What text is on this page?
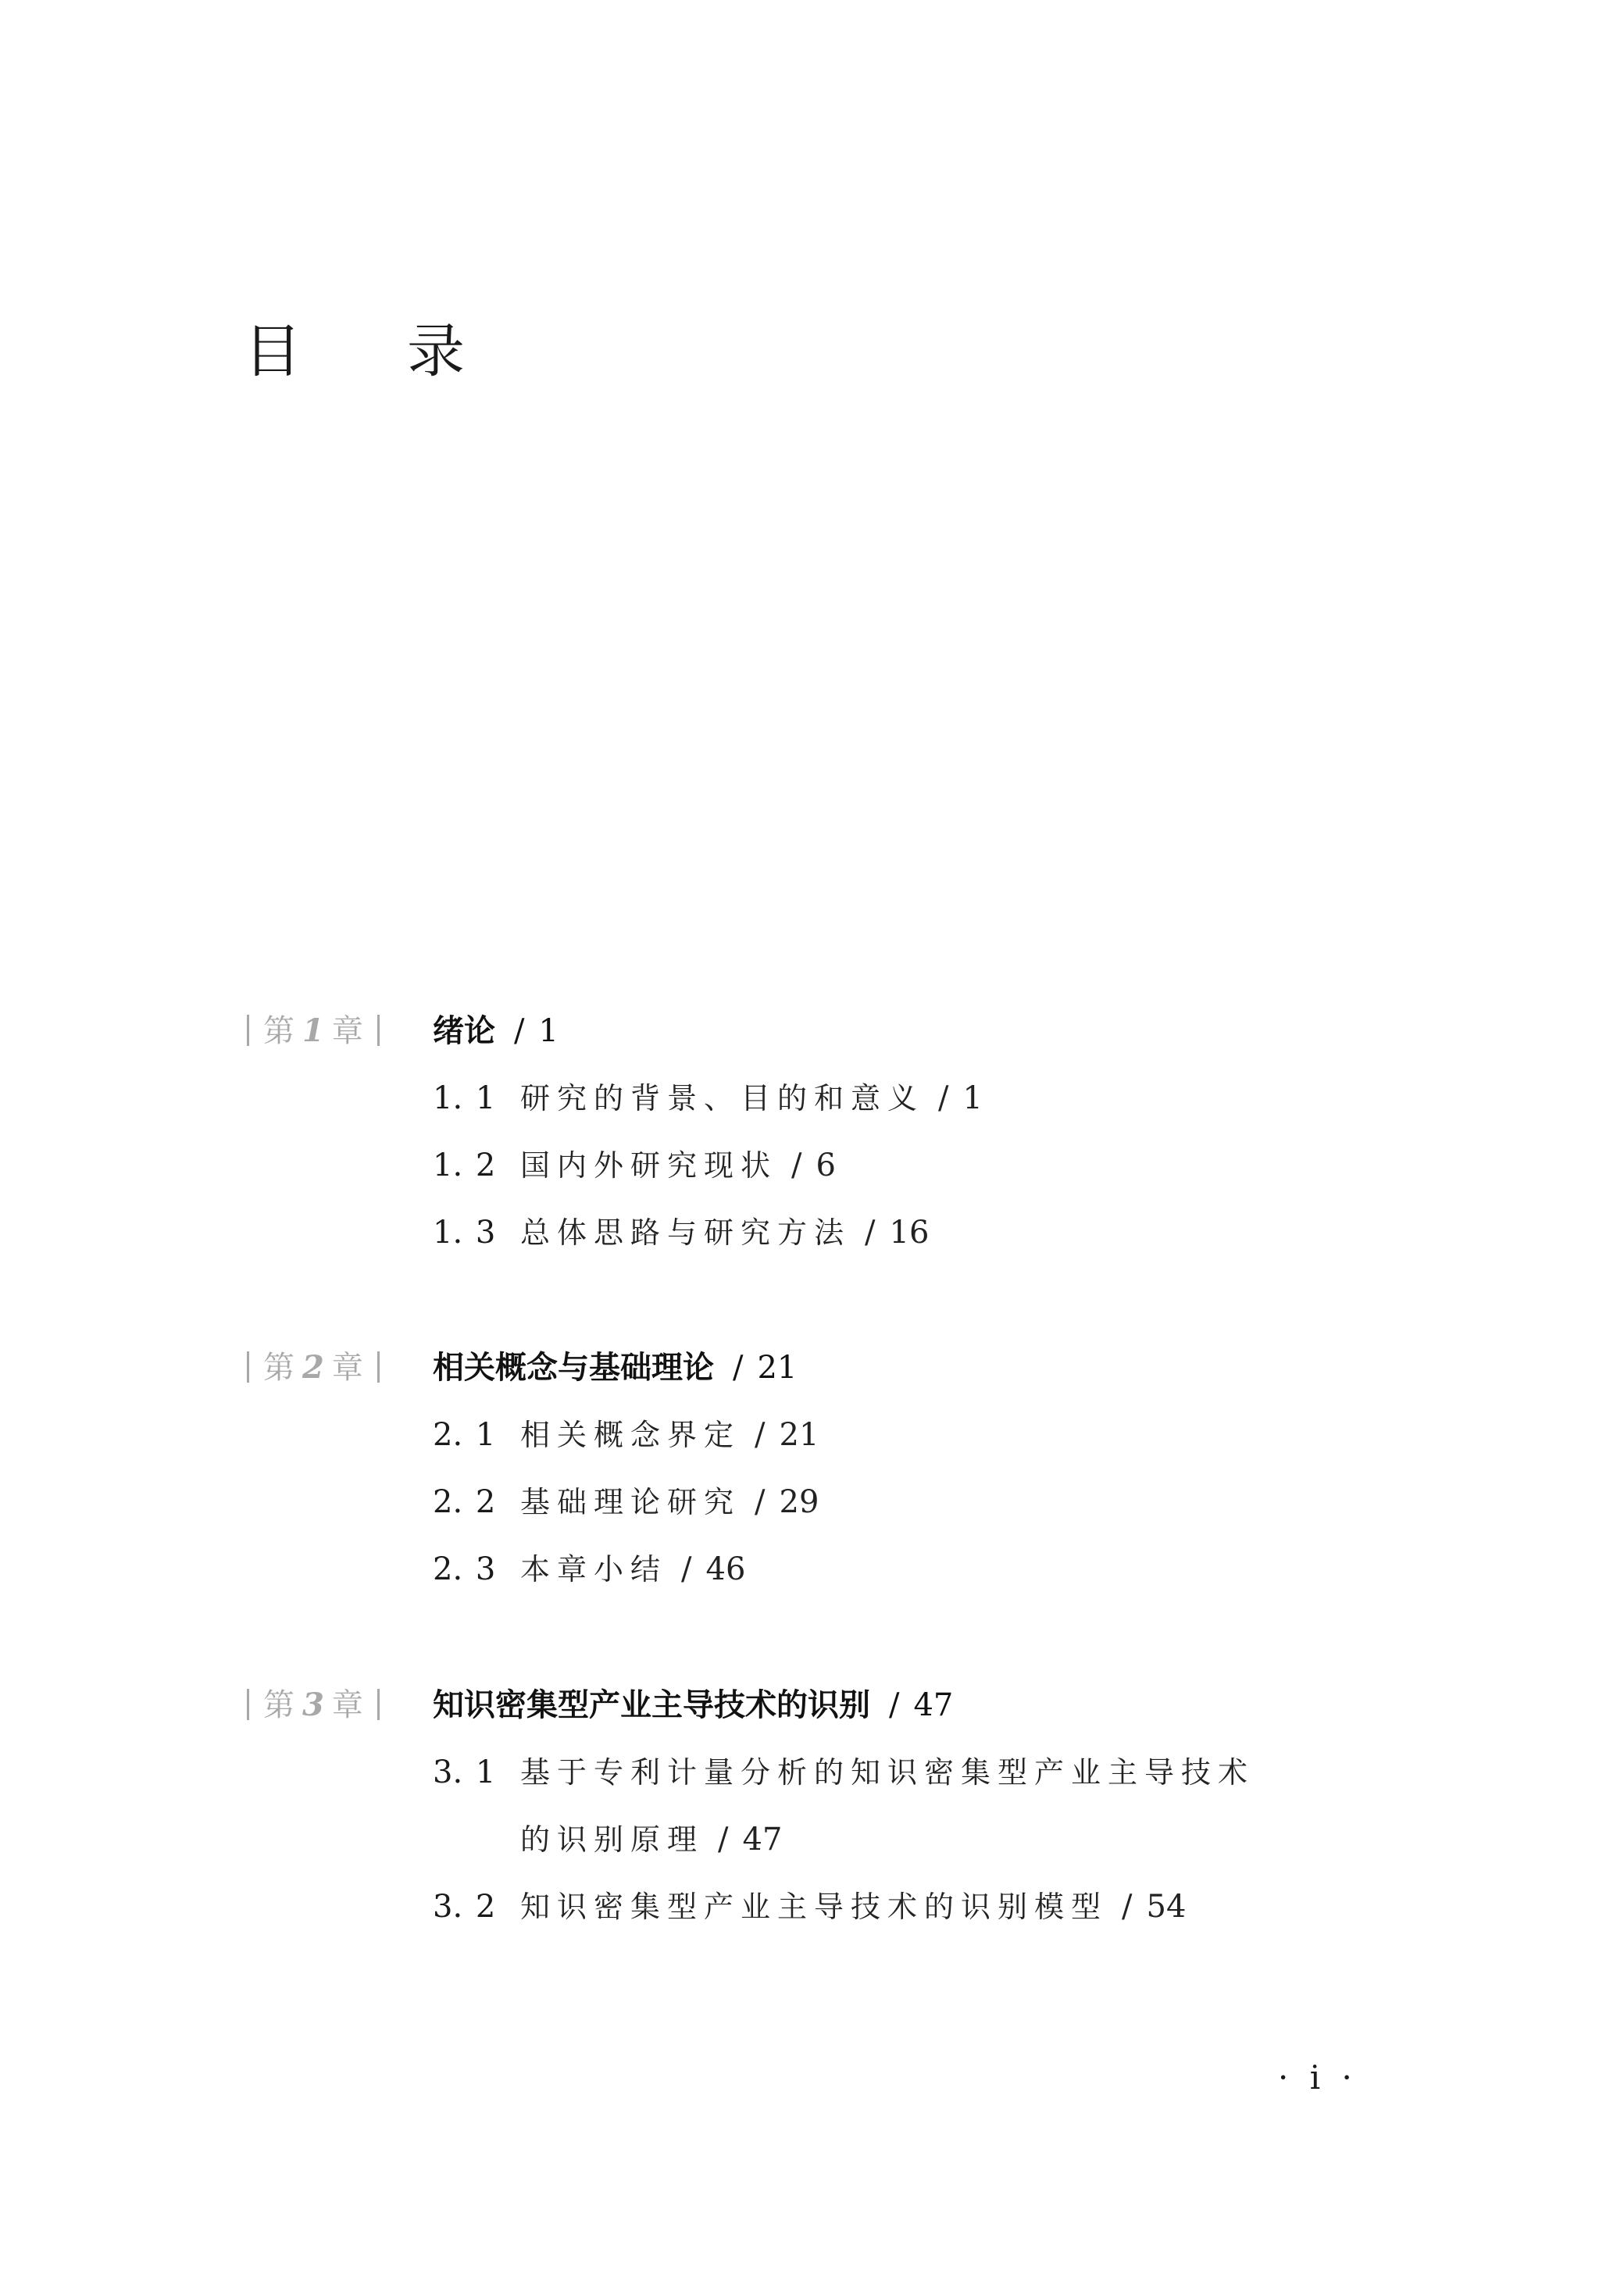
目录
第 1 章	绪论 / 1
1. 1 研究的背景、目的和意义 / 1
1. 2 国内外研究现状 / 6
1. 3 总体思路与研究方法 / 16
第 2 章	相关概念与基础理论 / 21
2. 1 相关概念界定 / 21
2. 2 基础理论研究 / 29
2. 3 本章小结 / 46
第 3 章	知识密集型产业主导技术的识别 / 47
3. 1 基于专利计量分析的知识密集型产业主导技术的识别原理 / 47
3. 2 知识密集型产业主导技术的识别模型 / 54
· i ·
